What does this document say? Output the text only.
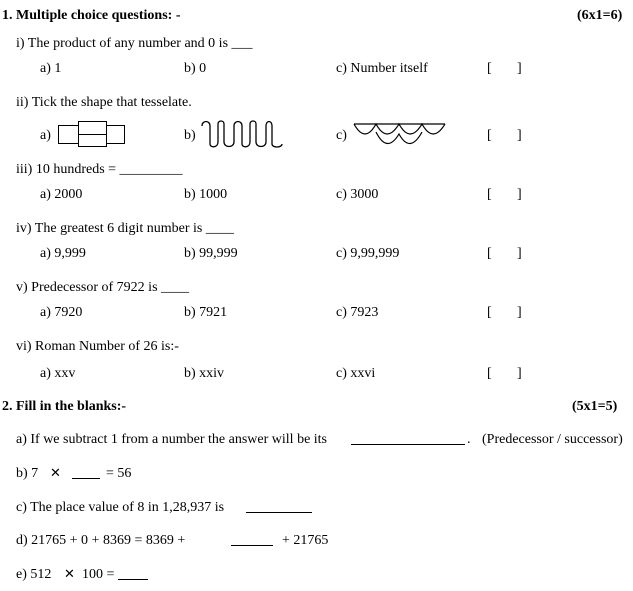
1. Multiple choice questions: -	(6x1=6)
i) The product of any number and 0 is ___
a) 1	b) 0	c) Number itself	[ ]
ii) Tick the shape that tesselate.
a)	b)	c)	[ ]
iii) 10 hundreds = _________
a) 2000	b) 1000	c) 3000	[ ]
iv) The greatest 6 digit number is ____
a) 9,999	b) 99,999	c) 9,99,999	[ ]
v) Predecessor of 7922 is ____
a) 7920	b) 7921	c) 7923	[ ]
vi) Roman Number of 26 is:-
a) xxv	b) xxiv	c) xxvi	[ ]
2. Fill in the blanks:-	(5x1=5)
a) If we subtract 1 from a number the answer will be its	. (Predecessor / successor)
b) 7 ✕	= 56
c) The place value of 8 in 1,28,937 is
d) 21765 + 0 + 8369 = 8369 +	+ 21765
e) 512 ✕ 100 =
